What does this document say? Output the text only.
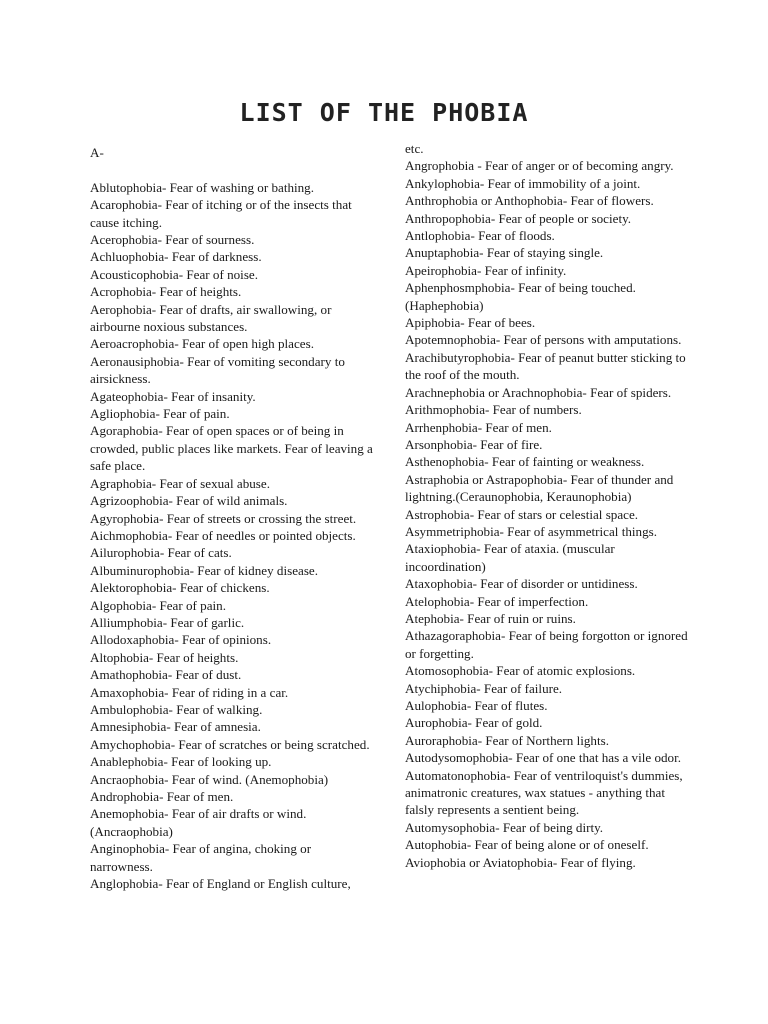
LIST OF THE PHOBIA

A-

Ablutophobia- Fear of washing or bathing.

Acarophobia- Fear of itching or of the insects that cause itching.

Acerophobia- Fear of sourness.

Achluophobia- Fear of darkness.

Acousticophobia- Fear of noise.

Acrophobia- Fear of heights.

Aerophobia- Fear of drafts, air swallowing, or airbourne noxious substances.

Aeroacrophobia- Fear of open high places.

Aeronausiphobia- Fear of vomiting secondary to airsickness.

Agateophobia- Fear of insanity.

Agliophobia- Fear of pain.

Agoraphobia- Fear of open spaces or of being in crowded, public places like markets. Fear of leaving a safe place.

Agraphobia- Fear of sexual abuse.

Agrizoophobia- Fear of wild animals.

Agyrophobia- Fear of streets or crossing the street.

Aichmophobia- Fear of needles or pointed objects.

Ailurophobia- Fear of cats.

Albuminurophobia- Fear of kidney disease.

Alektorophobia- Fear of chickens.

Algophobia- Fear of pain.

Alliumphobia- Fear of garlic.

Allodoxaphobia- Fear of opinions.

Altophobia- Fear of heights.

Amathophobia- Fear of dust.

Amaxophobia- Fear of riding in a car.

Ambulophobia- Fear of walking.

Amnesiphobia- Fear of amnesia.

Amychophobia- Fear of scratches or being scratched.

Anablephobia- Fear of looking up.

Ancraophobia- Fear of wind. (Anemophobia)

Androphobia- Fear of men.

Anemophobia- Fear of air drafts or wind.(Ancraophobia)

Anginophobia- Fear of angina, choking or narrowness.

Anglophobia- Fear of England or English culture,

etc.

Angrophobia - Fear of anger or of becoming angry.

Ankylophobia- Fear of immobility of a joint.

Anthrophobia or Anthophobia- Fear of flowers.

Anthropophobia- Fear of people or society.

Antlophobia- Fear of floods.

Anuptaphobia- Fear of staying single.

Apeirophobia- Fear of infinity.

Aphenphosmphobia- Fear of being touched. (Haphephobia)

Apiphobia- Fear of bees.

Apotemnophobia- Fear of persons with amputations.

Arachibutyrophobia- Fear of peanut butter sticking to the roof of the mouth.

Arachnephobia or Arachnophobia- Fear of spiders.

Arithmophobia- Fear of numbers.

Arrhenphobia- Fear of men.

Arsonphobia- Fear of fire.

Asthenophobia- Fear of fainting or weakness.

Astraphobia or Astrapophobia- Fear of thunder and lightning.(Ceraunophobia, Keraunophobia)

Astrophobia- Fear of stars or celestial space.

Asymmetriphobia- Fear of asymmetrical things.

Ataxiophobia- Fear of ataxia. (muscular incoordination)

Ataxophobia- Fear of disorder or untidiness.

Atelophobia- Fear of imperfection.

Atephobia- Fear of ruin or ruins.

Athazagoraphobia- Fear of being forgotton or ignored or forgetting.

Atomosophobia- Fear of atomic explosions.

Atychiphobia- Fear of failure.

Aulophobia- Fear of flutes.

Aurophobia- Fear of gold.

Auroraphobia- Fear of Northern lights.

Autodysomophobia- Fear of one that has a vile odor.

Automatonophobia- Fear of ventriloquist's dummies, animatronic creatures, wax statues - anything that falsly represents a sentient being.

Automysophobia- Fear of being dirty.

Autophobia- Fear of being alone or of oneself.

Aviophobia or Aviatophobia- Fear of flying.
